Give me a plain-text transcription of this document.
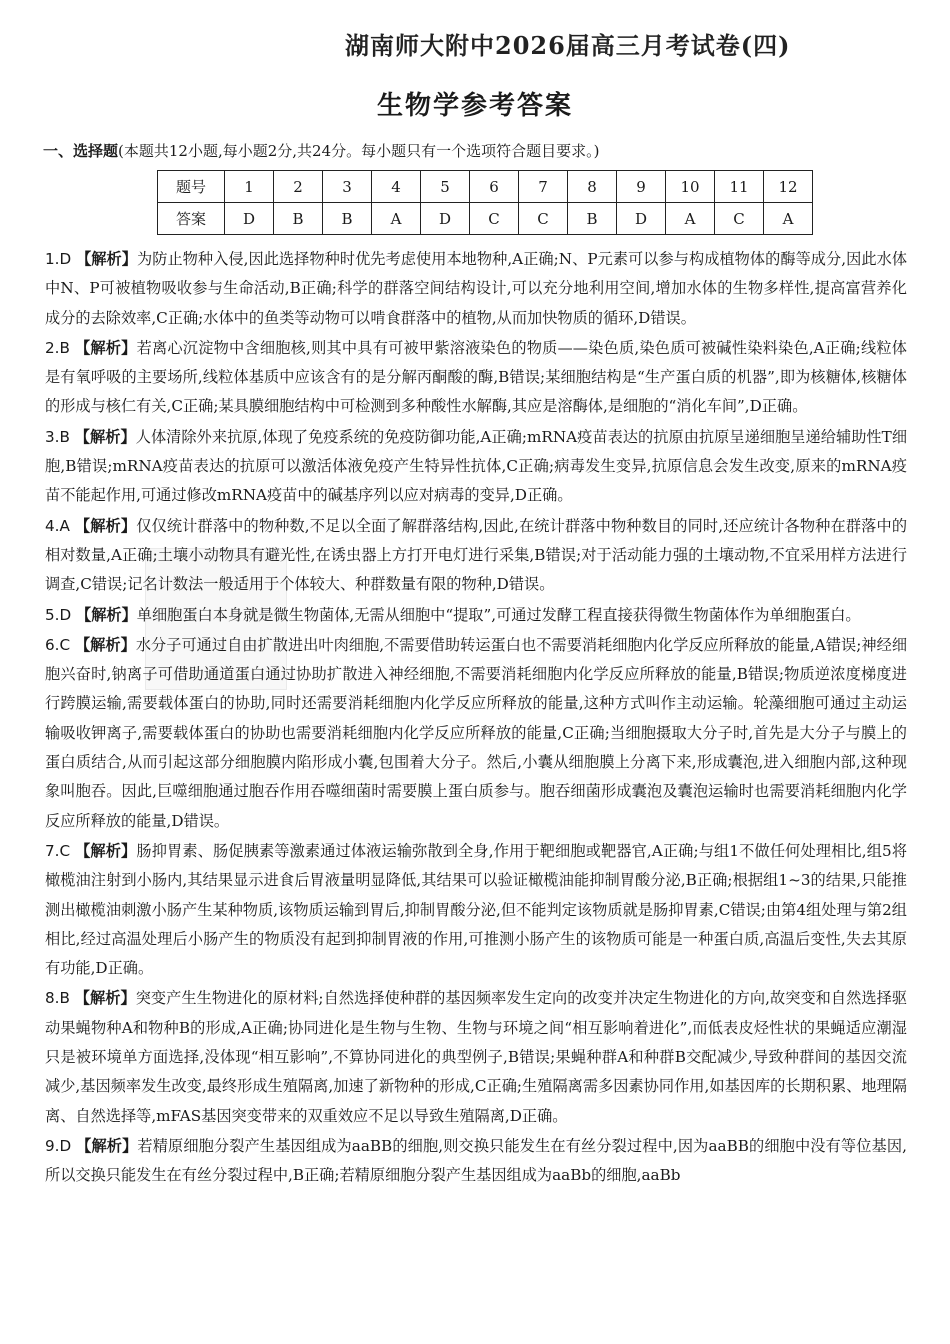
湖南师大附中2026届高三月考试卷(四)
生物学参考答案
一、选择题(本题共12小题,每小题2分,共24分。每小题只有一个选项符合题目要求。)
题号	1	2	3	4	5	6	7	8	9	10	11	12
答案	D	B	B	A	D	C	C	B	D	A	C	A
1.D 【解析】为防止物种入侵,因此选择物种时优先考虑使用本地物种,A正确;N、P元素可以参与构成植物体的酶等成分,因此水体中N、P可被植物吸收参与生命活动,B正确;科学的群落空间结构设计,可以充分地利用空间,增加水体的生物多样性,提高富营养化成分的去除效率,C正确;水体中的鱼类等动物可以啃食群落中的植物,从而加快物质的循环,D错误。
2.B 【解析】若离心沉淀物中含细胞核,则其中具有可被甲紫溶液染色的物质——染色质,染色质可被碱性染料染色,A正确;线粒体是有氧呼吸的主要场所,线粒体基质中应该含有的是分解丙酮酸的酶,B错误;某细胞结构是“生产蛋白质的机器”,即为核糖体,核糖体的形成与核仁有关,C正确;某具膜细胞结构中可检测到多种酸性水解酶,其应是溶酶体,是细胞的“消化车间”,D正确。
3.B 【解析】人体清除外来抗原,体现了免疫系统的免疫防御功能,A正确;mRNA疫苗表达的抗原由抗原呈递细胞呈递给辅助性T细胞,B错误;mRNA疫苗表达的抗原可以激活体液免疫产生特异性抗体,C正确;病毒发生变异,抗原信息会发生改变,原来的mRNA疫苗不能起作用,可通过修改mRNA疫苗中的碱基序列以应对病毒的变异,D正确。
4.A 【解析】仅仅统计群落中的物种数,不足以全面了解群落结构,因此,在统计群落中物种数目的同时,还应统计各物种在群落中的相对数量,A正确;土壤小动物具有避光性,在诱虫器上方打开电灯进行采集,B错误;对于活动能力强的土壤动物,不宜采用样方法进行调查,C错误;记名计数法一般适用于个体较大、种群数量有限的物种,D错误。
5.D 【解析】单细胞蛋白本身就是微生物菌体,无需从细胞中“提取”,可通过发酵工程直接获得微生物菌体作为单细胞蛋白。
6.C 【解析】水分子可通过自由扩散进出叶肉细胞,不需要借助转运蛋白也不需要消耗细胞内化学反应所释放的能量,A错误;神经细胞兴奋时,钠离子可借助通道蛋白通过协助扩散进入神经细胞,不需要消耗细胞内化学反应所释放的能量,B错误;物质逆浓度梯度进行跨膜运输,需要载体蛋白的协助,同时还需要消耗细胞内化学反应所释放的能量,这种方式叫作主动运输。轮藻细胞可通过主动运输吸收钾离子,需要载体蛋白的协助也需要消耗细胞内化学反应所释放的能量,C正确;当细胞摄取大分子时,首先是大分子与膜上的蛋白质结合,从而引起这部分细胞膜内陷形成小囊,包围着大分子。然后,小囊从细胞膜上分离下来,形成囊泡,进入细胞内部,这种现象叫胞吞。因此,巨噬细胞通过胞吞作用吞噬细菌时需要膜上蛋白质参与。胞吞细菌形成囊泡及囊泡运输时也需要消耗细胞内化学反应所释放的能量,D错误。
7.C 【解析】肠抑胃素、肠促胰素等激素通过体液运输弥散到全身,作用于靶细胞或靶器官,A正确;与组1不做任何处理相比,组5将橄榄油注射到小肠内,其结果显示进食后胃液量明显降低,其结果可以验证橄榄油能抑制胃酸分泌,B正确;根据组1~3的结果,只能推测出橄榄油刺激小肠产生某种物质,该物质运输到胃后,抑制胃酸分泌,但不能判定该物质就是肠抑胃素,C错误;由第4组处理与第2组相比,经过高温处理后小肠产生的物质没有起到抑制胃液的作用,可推测小肠产生的该物质可能是一种蛋白质,高温后变性,失去其原有功能,D正确。
8.B 【解析】突变产生生物进化的原材料;自然选择使种群的基因频率发生定向的改变并决定生物进化的方向,故突变和自然选择驱动果蝇物种A和物种B的形成,A正确;协同进化是生物与生物、生物与环境之间“相互影响着进化”,而低表皮烃性状的果蝇适应潮湿只是被环境单方面选择,没体现“相互影响”,不算协同进化的典型例子,B错误;果蝇种群A和种群B交配减少,导致种群间的基因交流减少,基因频率发生改变,最终形成生殖隔离,加速了新物种的形成,C正确;生殖隔离需多因素协同作用,如基因库的长期积累、地理隔离、自然选择等,mFAS基因突变带来的双重效应不足以导致生殖隔离,D正确。
9.D 【解析】若精原细胞分裂产生基因组成为aaBB的细胞,则交换只能发生在有丝分裂过程中,因为aaBB的细胞中没有等位基因,所以交换只能发生在有丝分裂过程中,B正确;若精原细胞分裂产生基因组成为aaBb的细胞,aaBb
